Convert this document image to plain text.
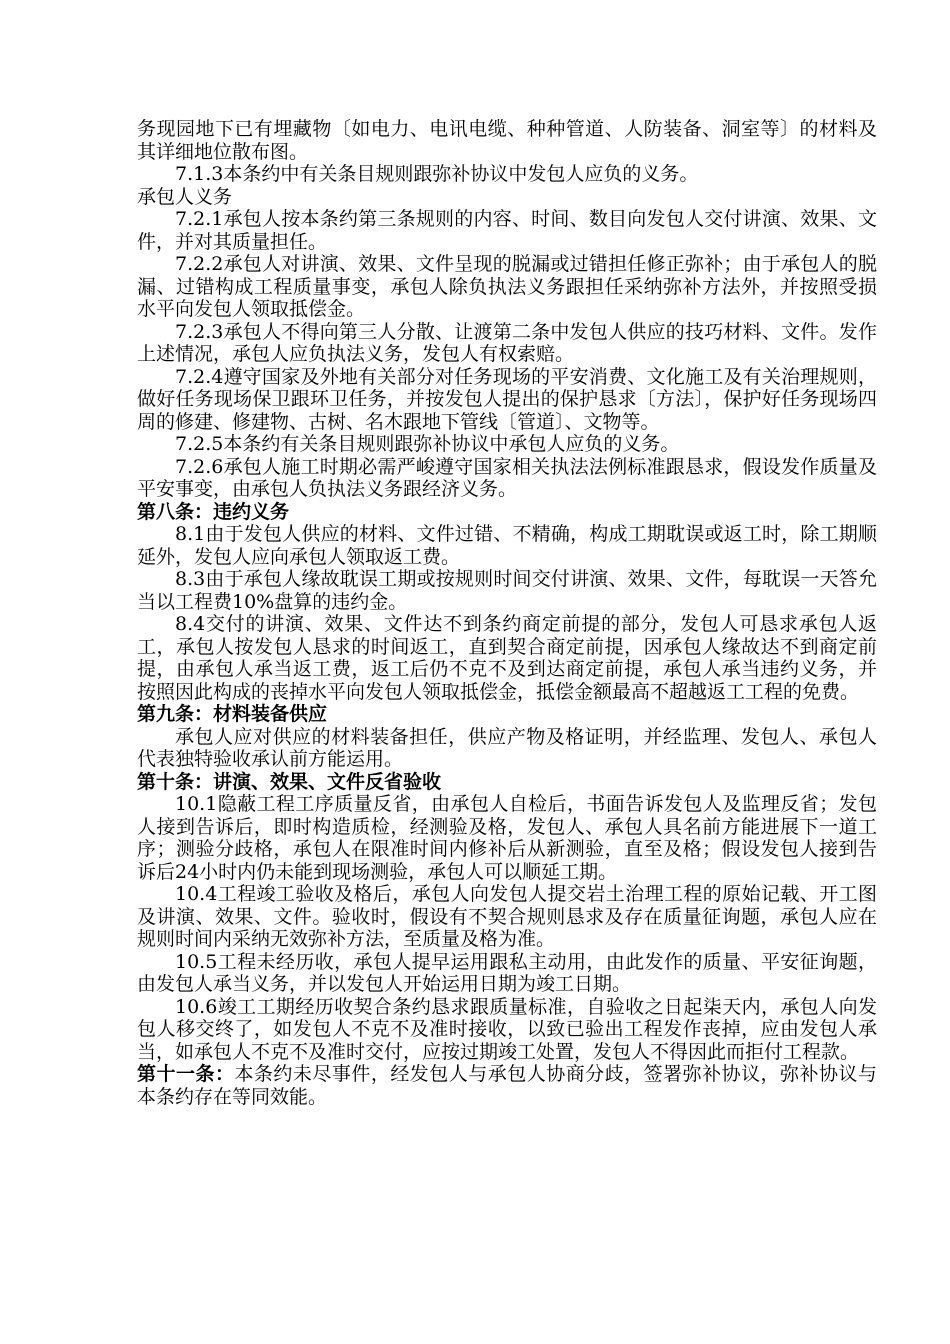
务现园地下已有埋藏物〔如电力、电讯电缆、种种管道、人防装备、洞室等〕的材料及其详细地位散布图。

7.1.3本条约中有关条目规则跟弥补协议中发包人应负的义务。

承包人义务

7.2.1承包人按本条约第三条规则的内容、时间、数目向发包人交付讲演、效果、文件，并对其质量担任。

7.2.2承包人对讲演、效果、文件呈现的脱漏或过错担任修正弥补；由于承包人的脱漏、过错构成工程质量事变，承包人除负执法义务跟担任采纳弥补方法外，并按照受损水平向发包人领取抵偿金。

7.2.3承包人不得向第三人分散、让渡第二条中发包人供应的技巧材料、文件。发作上述情况，承包人应负执法义务，发包人有权索赔。

7.2.4遵守国家及外地有关部分对任务现场的平安消费、文化施工及有关治理规则，做好任务现场保卫跟环卫任务，并按发包人提出的保护恳求〔方法〕，保护好任务现场四周的修建、修建物、古树、名木跟地下管线〔管道〕、文物等。

7.2.5本条约有关条目规则跟弥补协议中承包人应负的义务。

7.2.6承包人施工时期必需严峻遵守国家相关执法法例标准跟恳求，假设发作质量及平安事变，由承包人负执法义务跟经济义务。

第八条：违约义务

8.1由于发包人供应的材料、文件过错、不精确，构成工期耽误或返工时，除工期顺延外，发包人应向承包人领取返工费。

8.3由于承包人缘故耽误工期或按规则时间交付讲演、效果、文件，每耽误一天答允当以工程费10%盘算的违约金。

8.4交付的讲演、效果、文件达不到条约商定前提的部分，发包人可恳求承包人返工，承包人按发包人恳求的时间返工，直到契合商定前提，因承包人缘故达不到商定前提，由承包人承当返工费，返工后仍不克不及到达商定前提，承包人承当违约义务，并按照因此构成的丧掉水平向发包人领取抵偿金，抵偿金额最高不超越返工工程的免费。

第九条：材料装备供应

承包人应对供应的材料装备担任，供应产物及格证明，并经监理、发包人、承包人代表独特验收承认前方能运用。

第十条：讲演、效果、文件反省验收

10.1隐蔽工程工序质量反省，由承包人自检后，书面告诉发包人及监理反省；发包人接到告诉后，即时构造质检，经测验及格，发包人、承包人具名前方能进展下一道工序；测验分歧格，承包人在限准时间内修补后从新测验，直至及格；假设发包人接到告诉后24小时内仍未能到现场测验，承包人可以顺延工期。

10.4工程竣工验收及格后，承包人向发包人提交岩土治理工程的原始记载、开工图及讲演、效果、文件。验收时，假设有不契合规则恳求及存在质量征询题，承包人应在规则时间内采纳无效弥补方法，至质量及格为准。

10.5工程未经历收，承包人提早运用跟私主动用，由此发作的质量、平安征询题，由发包人承当义务，并以发包人开始运用日期为竣工日期。

10.6竣工工期经历收契合条约恳求跟质量标准，自验收之日起柒天内，承包人向发包人移交终了，如发包人不克不及准时接收，以致已验出工程发作丧掉，应由发包人承当，如承包人不克不及准时交付，应按过期竣工处置，发包人不得因此而拒付工程款。

第十一条：本条约未尽事件，经发包人与承包人协商分歧，签署弥补协议，弥补协议与本条约存在等同效能。
